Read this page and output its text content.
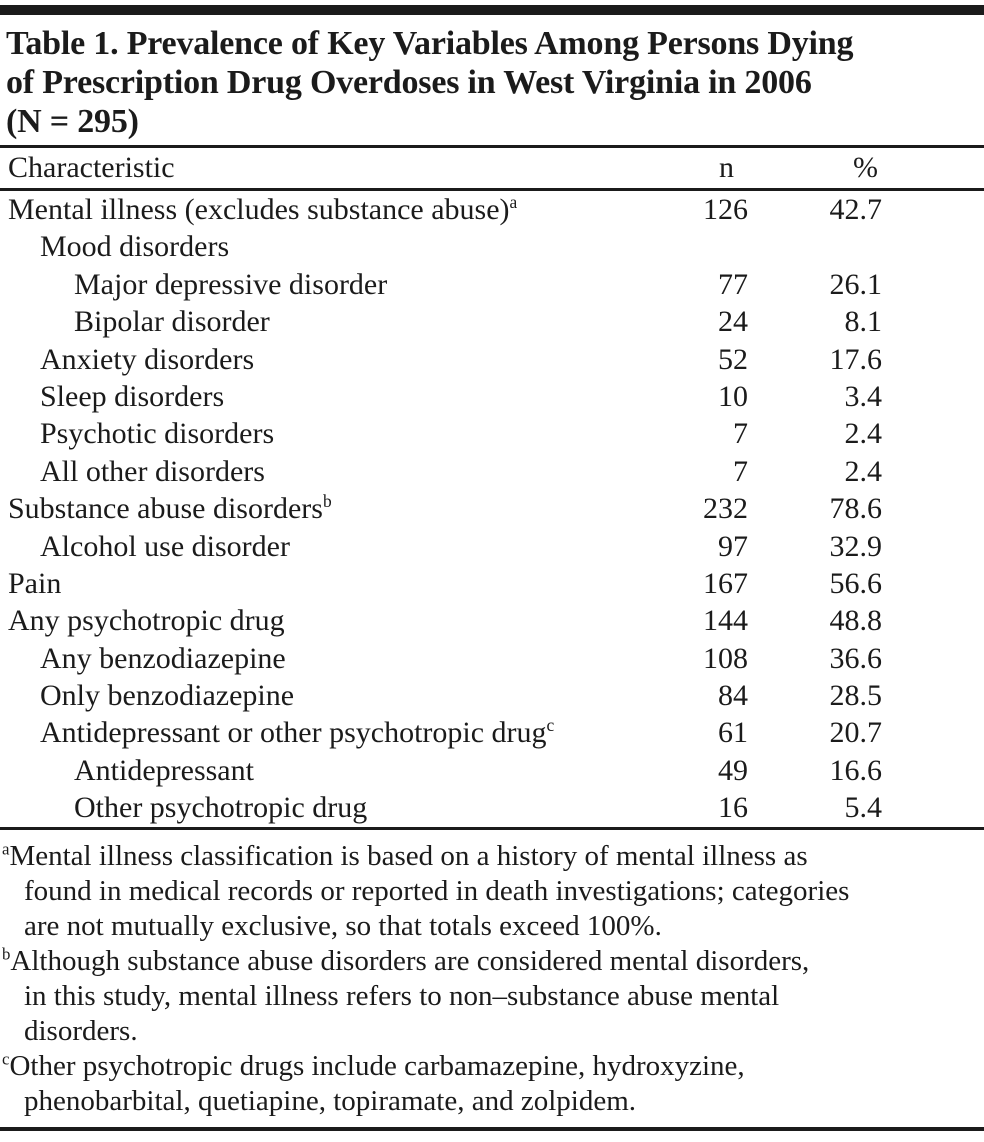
Table 1. Prevalence of Key Variables Among Persons Dying
of Prescription Drug Overdoses in West Virginia in 2006
(N = 295)
Characteristic	n	%
Mental illness (excludes substance abuse)$^a$	126	42.7
Mood disorders
Major depressive disorder	77	26.1
Bipolar disorder	24	8.1
Anxiety disorders	52	17.6
Sleep disorders	10	3.4
Psychotic disorders	7	2.4
All other disorders	7	2.4
Substance abuse disorders$^b$	232	78.6
Alcohol use disorder	97	32.9
Pain	167	56.6
Any psychotropic drug	144	48.8
Any benzodiazepine	108	36.6
Only benzodiazepine	84	28.5
Antidepressant or other psychotropic drug$^c$	61	20.7
Antidepressant	49	16.6
Other psychotropic drug	16	5.4
$^a$Mental illness classification is based on a history of mental illness as
found in medical records or reported in death investigations; categories
are not mutually exclusive, so that totals exceed 100%.
$^b$Although substance abuse disorders are considered mental disorders,
in this study, mental illness refers to non–substance abuse mental
disorders.
$^c$Other psychotropic drugs include carbamazepine, hydroxyzine,
phenobarbital, quetiapine, topiramate, and zolpidem.
